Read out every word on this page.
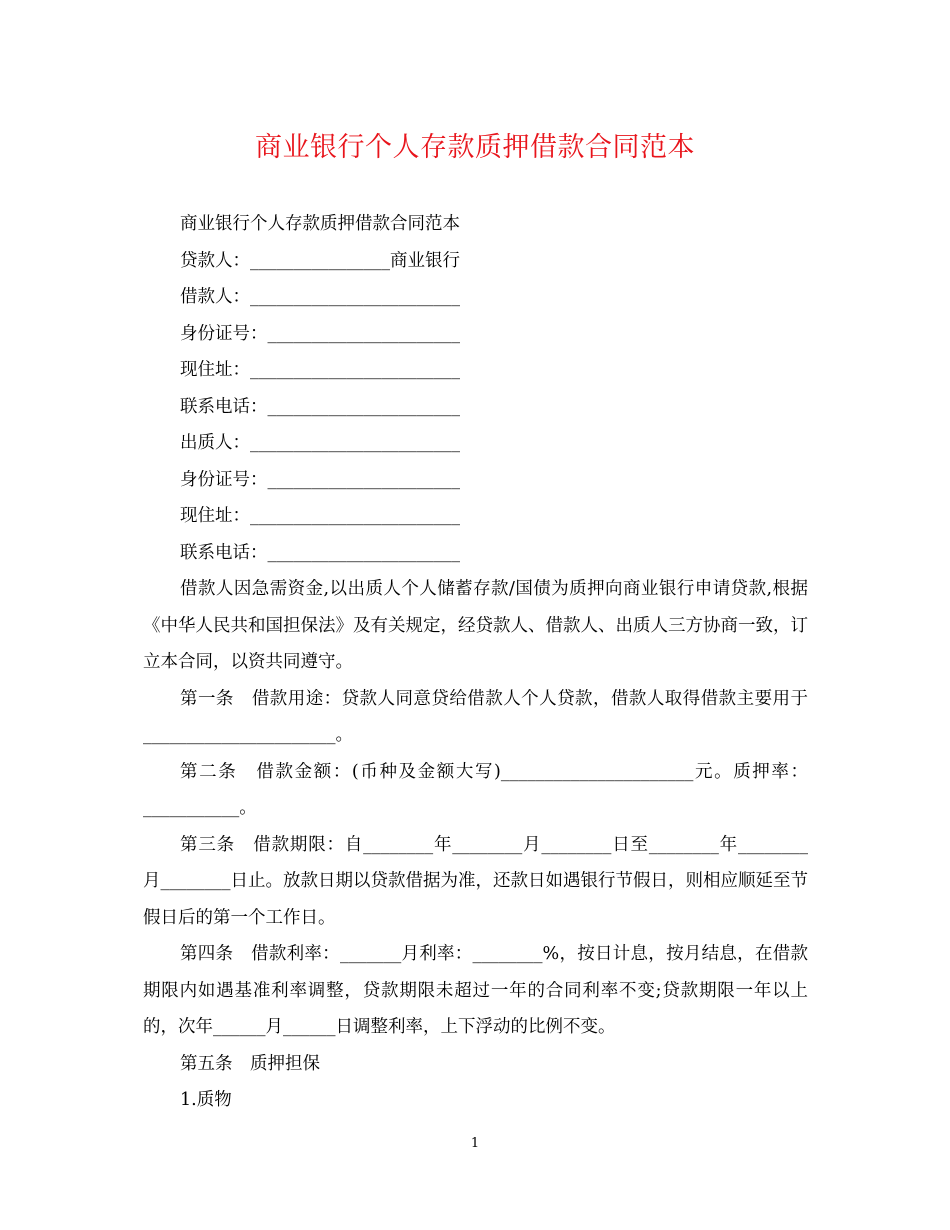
商业银行个人存款质押借款合同范本

商业银行个人存款质押借款合同范本

贷款人：________________商业银行

借款人：________________________

身份证号：______________________

现住址：________________________

联系电话：______________________

出质人：________________________

身份证号：______________________

现住址：________________________

联系电话：______________________

借款人因急需资金,以出质人个人储蓄存款/国债为质押向商业银行申请贷款,根据《中华人民共和国担保法》及有关规定，经贷款人、借款人、出质人三方协商一致，订立本合同，以资共同遵守。

第一条　借款用途：贷款人同意贷给借款人个人贷款，借款人取得借款主要用于______________________。

第二条　借款金额：(币种及金额大写)______________________元。质押率：___________。

第三条　借款期限：自________年________月________日至________年________月________日止。放款日期以贷款借据为准，还款日如遇银行节假日，则相应顺延至节假日后的第一个工作日。

第四条　借款利率：_______月利率：________%，按日计息，按月结息，在借款期限内如遇基准利率调整，贷款期限未超过一年的合同利率不变;贷款期限一年以上的，次年______月______日调整利率，上下浮动的比例不变。

第五条　质押担保

1.质物

1
